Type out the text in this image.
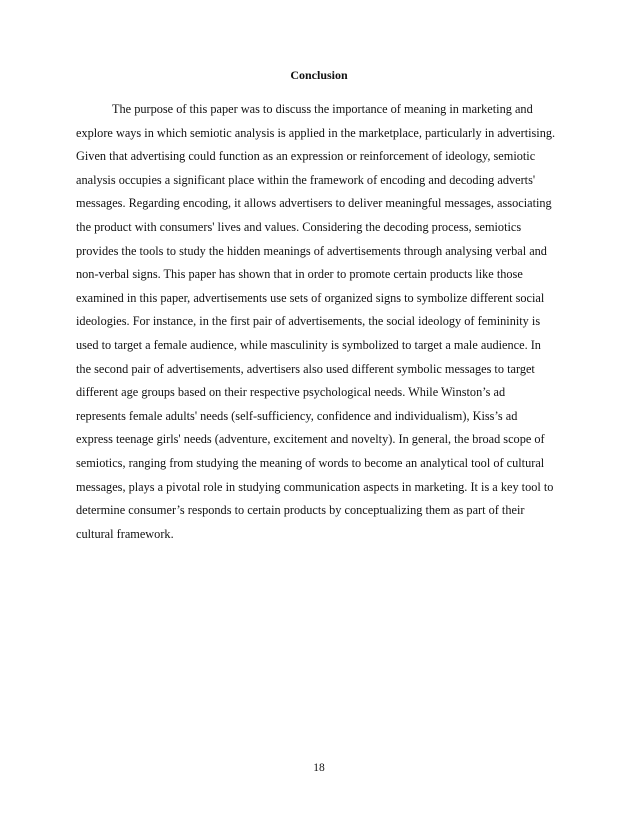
Conclusion
The purpose of this paper was to discuss the importance of meaning in marketing and
explore ways in which semiotic analysis is applied in the marketplace, particularly in advertising.
Given that advertising could function as an expression or reinforcement of ideology, semiotic
analysis occupies a significant place within the framework of encoding and decoding adverts'
messages. Regarding encoding, it allows advertisers to deliver meaningful messages, associating
the product with consumers' lives and values. Considering the decoding process, semiotics
provides the tools to study the hidden meanings of advertisements through analysing verbal and
non-verbal signs. This paper has shown that in order to promote certain products like those
examined in this paper, advertisements use sets of organized signs to symbolize different social
ideologies. For instance, in the first pair of advertisements, the social ideology of femininity is
used to target a female audience, while masculinity is symbolized to target a male audience. In
the second pair of advertisements, advertisers also used different symbolic messages to target
different age groups based on their respective psychological needs. While Winston’s ad
represents female adults' needs (self-sufficiency, confidence and individualism), Kiss’s ad
express teenage girls' needs (adventure, excitement and novelty). In general, the broad scope of
semiotics, ranging from studying the meaning of words to become an analytical tool of cultural
messages, plays a pivotal role in studying communication aspects in marketing. It is a key tool to
determine consumer’s responds to certain products by conceptualizing them as part of their
cultural framework.
18
